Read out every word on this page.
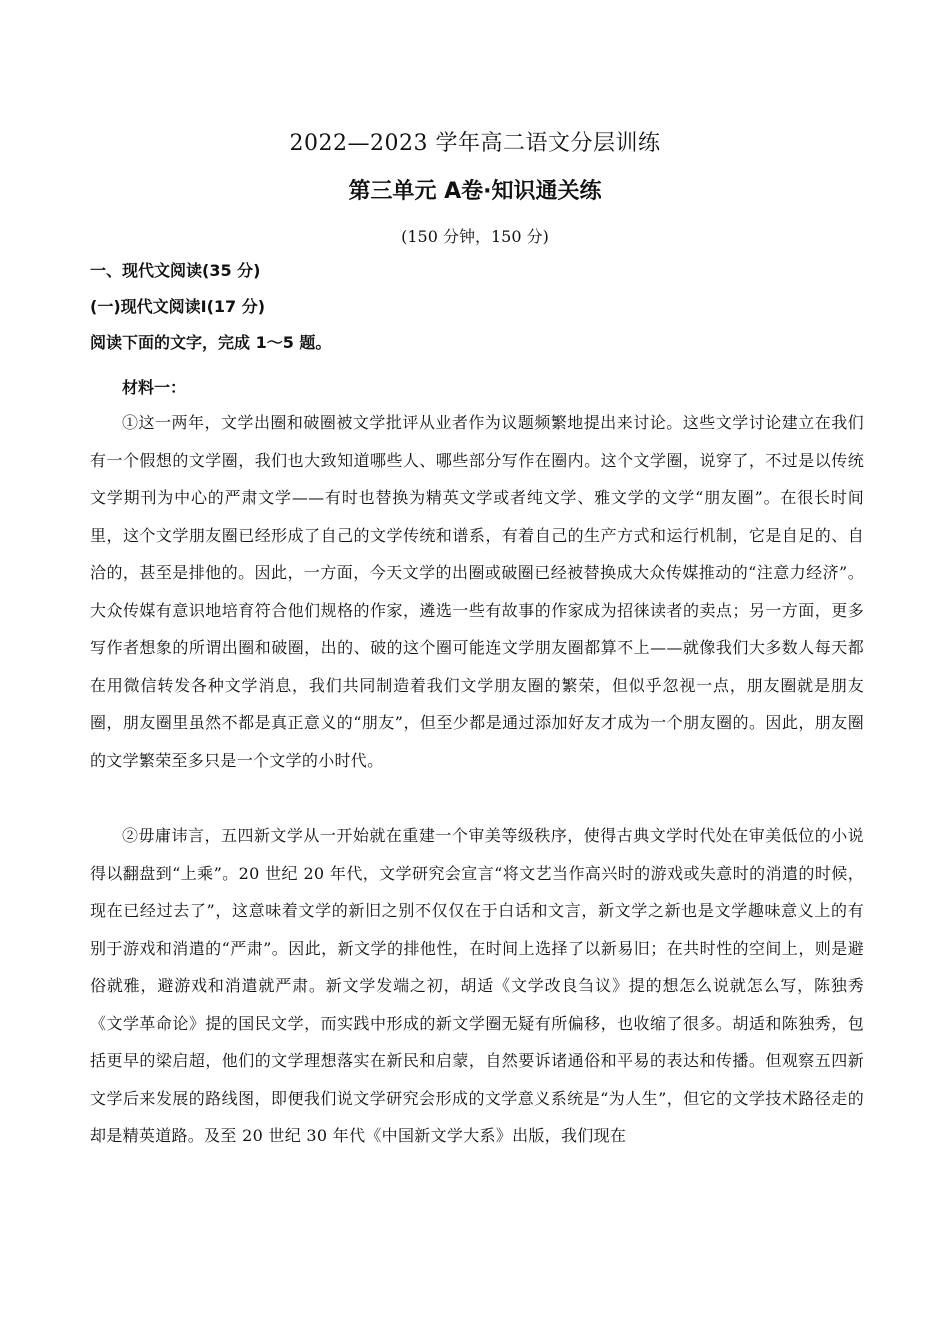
2022—2023 学年高二语文分层训练
第三单元 A卷·知识通关练
(150 分钟，150 分)
一、现代文阅读(35 分)
(一)现代文阅读Ⅰ(17 分)
阅读下面的文字，完成 1～5 题。
材料一：
①这一两年，文学出圈和破圈被文学批评从业者作为议题频繁地提出来讨论。这些文学讨论建立在我们有一个假想的文学圈，我们也大致知道哪些人、哪些部分写作在圈内。这个文学圈，说穿了，不过是以传统文学期刊为中心的严肃文学——有时也替换为精英文学或者纯文学、雅文学的文学“朋友圈”。在很长时间里，这个文学朋友圈已经形成了自己的文学传统和谱系，有着自己的生产方式和运行机制，它是自足的、自洽的，甚至是排他的。因此，一方面，今天文学的出圈或破圈已经被替换成大众传媒推动的“注意力经济”。大众传媒有意识地培育符合他们规格的作家，遴选一些有故事的作家成为招徕读者的卖点；另一方面，更多写作者想象的所谓出圈和破圈，出的、破的这个圈可能连文学朋友圈都算不上——就像我们大多数人每天都在用微信转发各种文学消息，我们共同制造着我们文学朋友圈的繁荣，但似乎忽视一点，朋友圈就是朋友圈，朋友圈里虽然不都是真正意义的“朋友”，但至少都是通过添加好友才成为一个朋友圈的。因此，朋友圈的文学繁荣至多只是一个文学的小时代。
②毋庸讳言，五四新文学从一开始就在重建一个审美等级秩序，使得古典文学时代处在审美低位的小说得以翻盘到“上乘”。20 世纪 20 年代，文学研究会宣言“将文艺当作高兴时的游戏或失意时的消遣的时候，现在已经过去了”，这意味着文学的新旧之别不仅仅在于白话和文言，新文学之新也是文学趣味意义上的有别于游戏和消遣的“严肃”。因此，新文学的排他性，在时间上选择了以新易旧；在共时性的空间上，则是避俗就雅，避游戏和消遣就严肃。新文学发端之初，胡适《文学改良刍议》提的想怎么说就怎么写，陈独秀《文学革命论》提的国民文学，而实践中形成的新文学圈无疑有所偏移，也收缩了很多。胡适和陈独秀，包括更早的梁启超，他们的文学理想落实在新民和启蒙，自然要诉诸通俗和平易的表达和传播。但观察五四新文学后来发展的路线图，即便我们说文学研究会形成的文学意义系统是“为人生”，但它的文学技术路径走的却是精英道路。及至 20 世纪 30 年代《中国新文学大系》出版，我们现在
